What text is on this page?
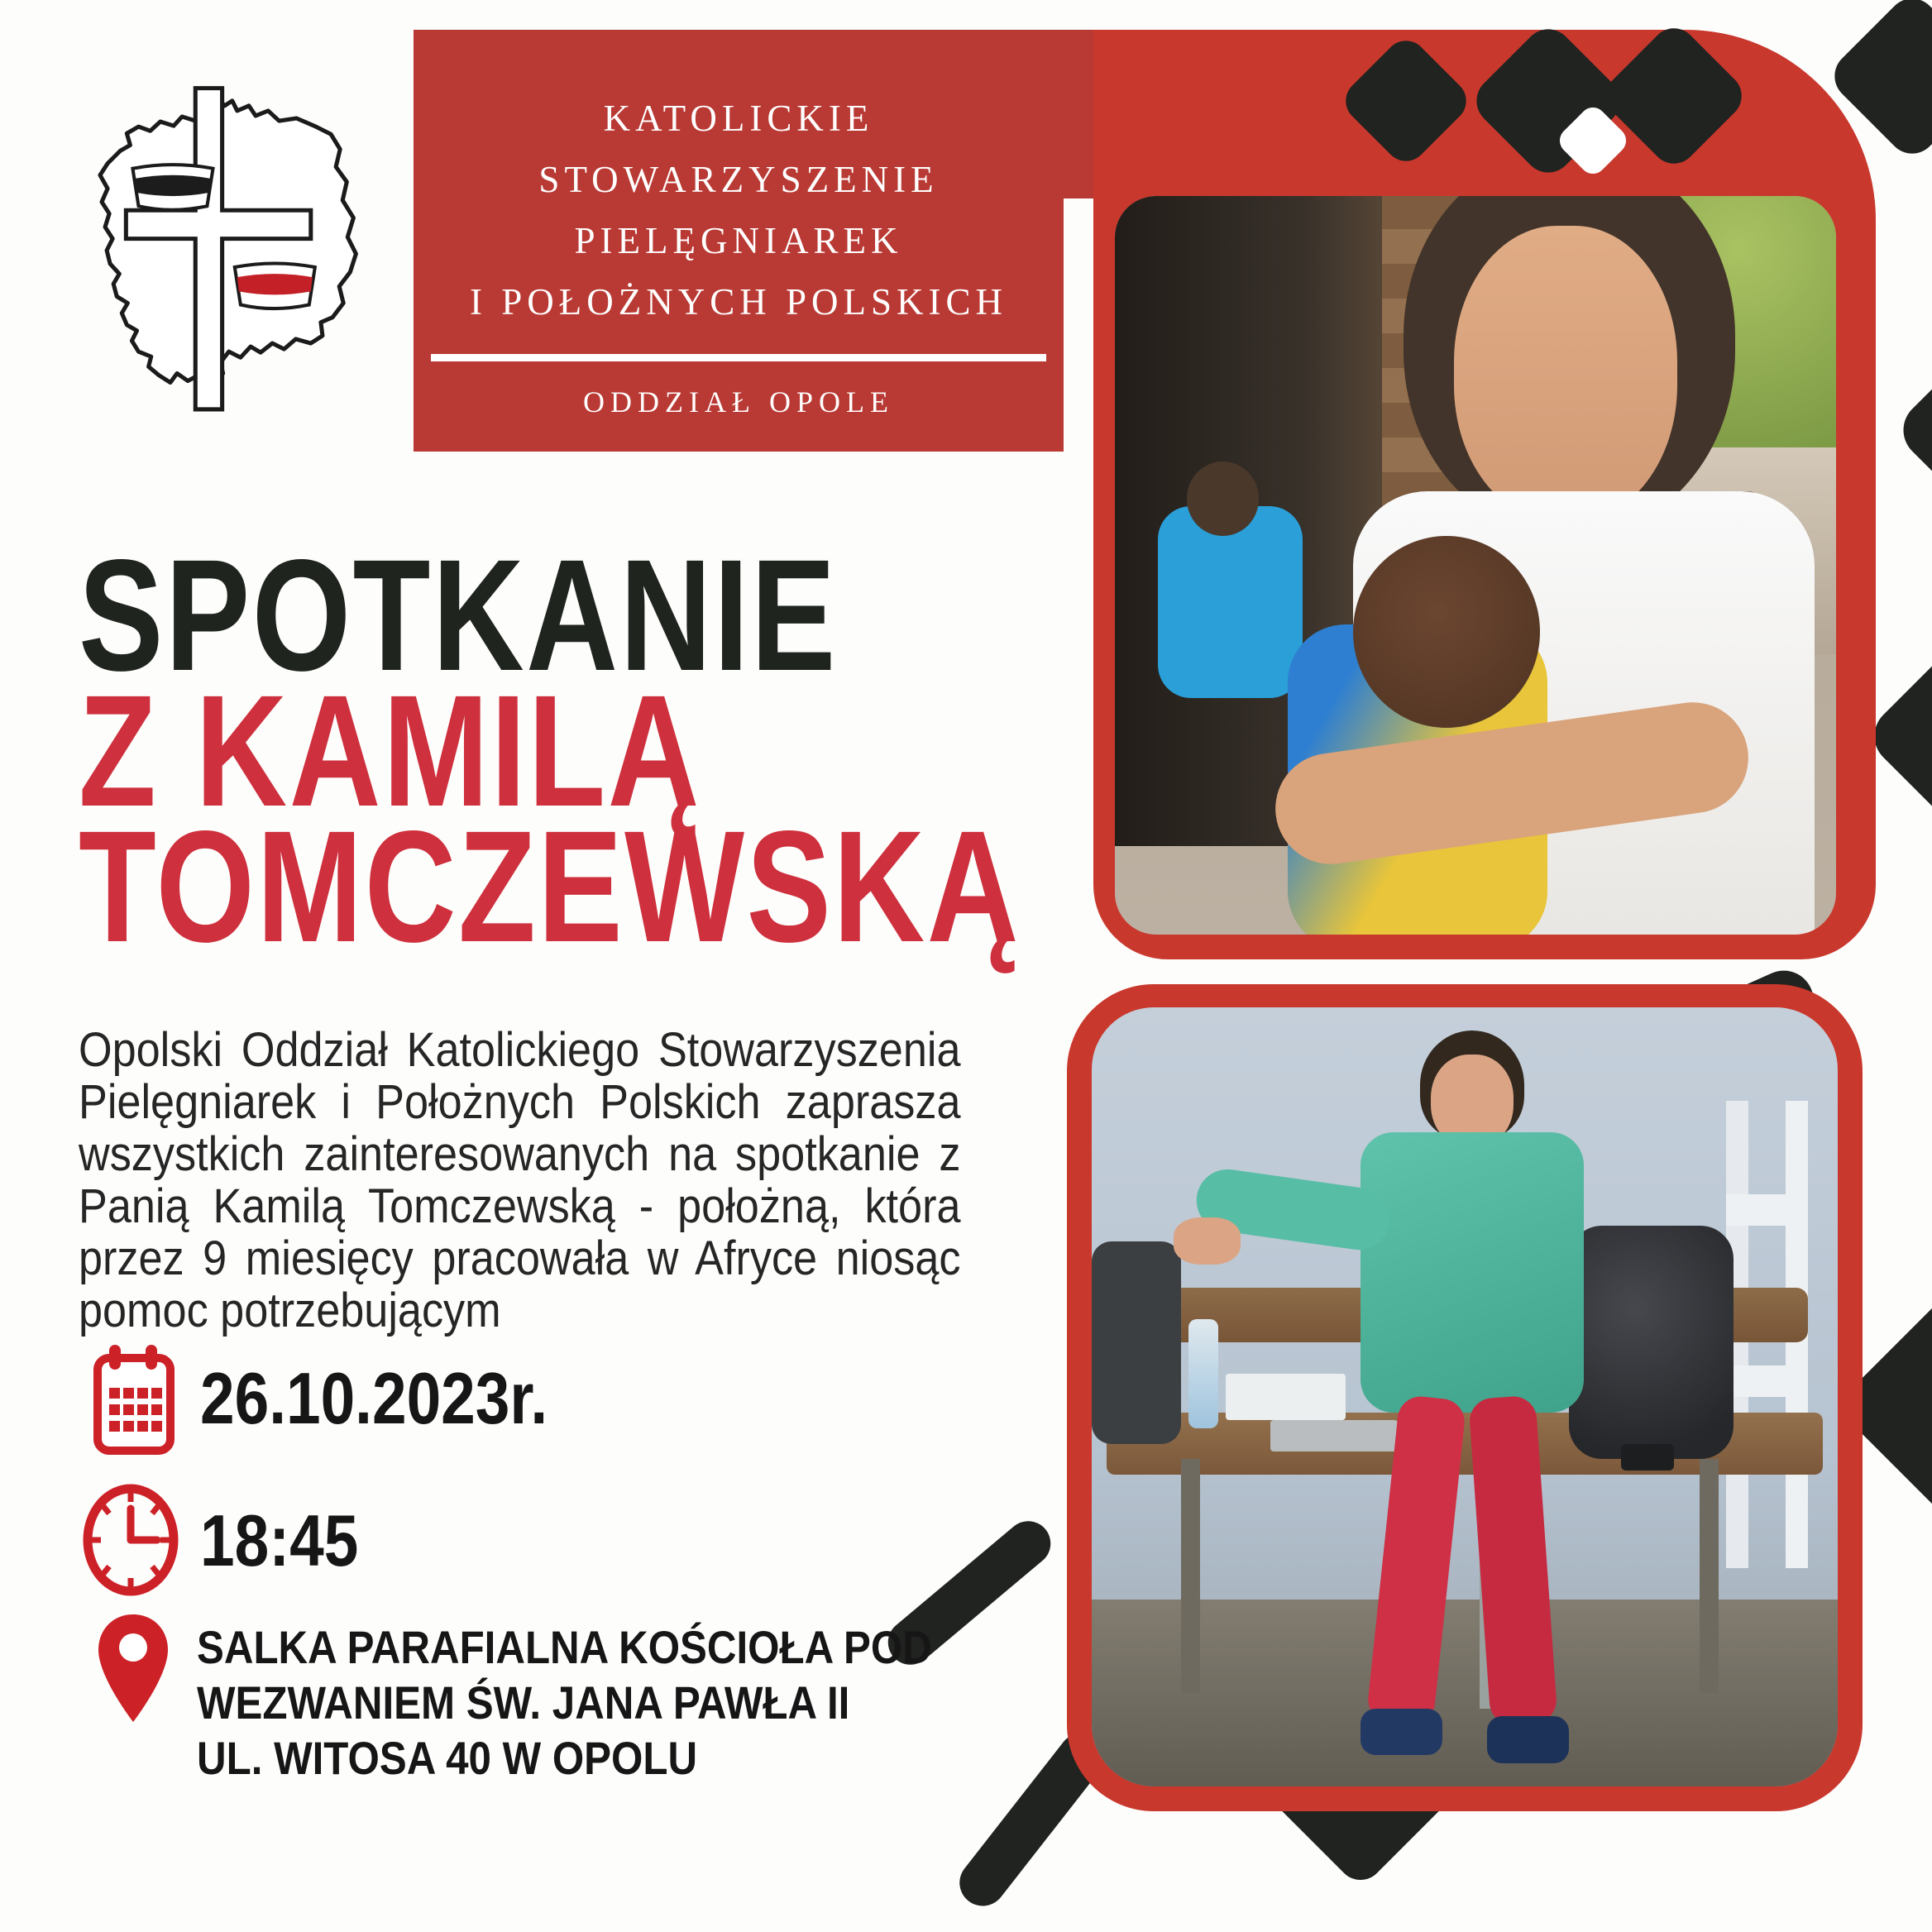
KATOLICKIE
STOWARZYSZENIE
PIELĘGNIAREK
I POŁOŻNYCH POLSKICH
ODDZIAŁ OPOLE
SPOTKANIE
Z KAMILĄ
TOMCZEWSKĄ
Opolski Oddział Katolickiego Stowarzyszenia Pielęgniarek i Położnych Polskich zaprasza wszystkich zainteresowanych na spotkanie z Panią Kamilą Tomczewską - położną, która przez 9 miesięcy pracowała w Afryce niosąc pomoc potrzebującym
26.10.2023r.
18:45
SALKA PARAFIALNA KOŚCIOŁA POD
WEZWANIEM ŚW. JANA PAWŁA II
UL. WITOSA 40 W OPOLU
